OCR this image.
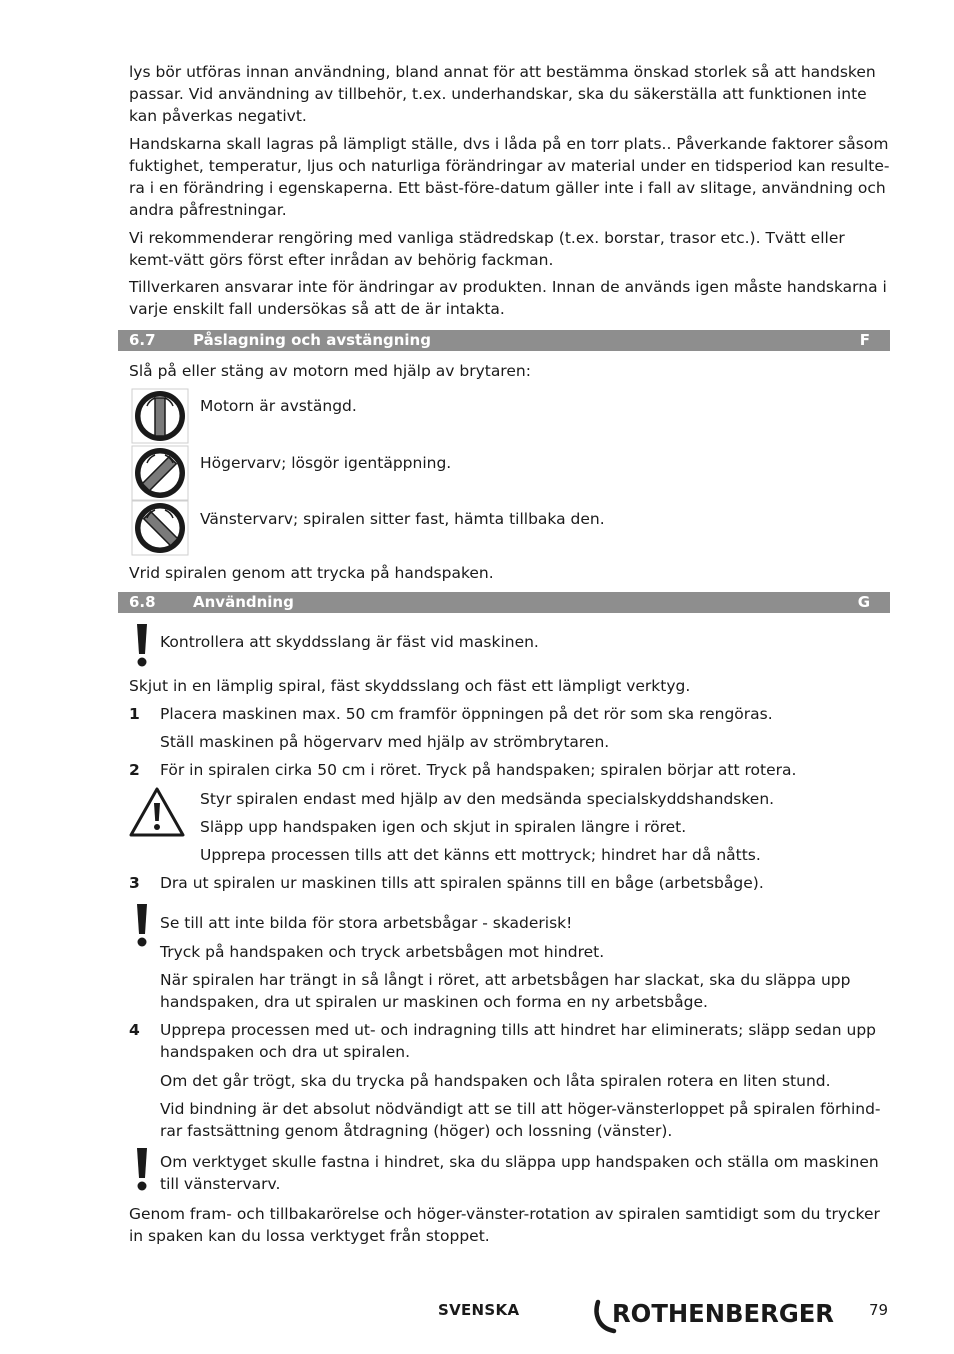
lys bör utföras innan användning, bland annat för att bestämma önskad storlek så att handsken passar. Vid användning av tillbehör, t.ex. underhandskar, ska du säkerställa att funktionen inte kan påverkas negativt.

Handskarna skall lagras på lämpligt ställe, dvs i låda på en torr plats.. Påverkande faktorer såsom fuktighet, temperatur, ljus och naturliga förändringar av material under en tidsperiod kan resulte-ra i en förändring i egenskaperna. Ett bäst-före-datum gäller inte i fall av slitage, användning och andra påfrestningar.

Vi rekommenderar rengöring med vanliga städredskap (t.ex. borstar, trasor etc.). Tvätt eller kemt-vätt görs först efter inrådan av behörig fackman.

Tillverkaren ansvarar inte för ändringar av produkten. Innan de används igen måste handskarna i varje enskilt fall undersökas så att de är intakta.

6.7 Påslagning och avstängning	F

Slå på eller stäng av motorn med hjälp av brytaren:

Motorn är avstängd.

Högervarv; lösgör igentäppning.

Vänstervarv; spiralen sitter fast, hämta tillbaka den.

Vrid spiralen genom att trycka på handspaken.

6.8 Användning	G

Kontrollera att skyddsslang är fäst vid maskinen.

Skjut in en lämplig spiral, fäst skyddsslang och fäst ett lämpligt verktyg.

1 Placera maskinen max. 50 cm framför öppningen på det rör som ska rengöras.

Ställ maskinen på högervarv med hjälp av strömbrytaren.

2 För in spiralen cirka 50 cm i röret. Tryck på handspaken; spiralen börjar att rotera.

Styr spiralen endast med hjälp av den medsända specialskyddshandsken.

Släpp upp handspaken igen och skjut in spiralen längre i röret.

Upprepa processen tills att det känns ett mottryck; hindret har då nåtts.

3 Dra ut spiralen ur maskinen tills att spiralen spänns till en båge (arbetsbåge).

Se till att inte bilda för stora arbetsbågar - skaderisk!

Tryck på handspaken och tryck arbetsbågen mot hindret.

När spiralen har trängt in så långt i röret, att arbetsbågen har slackat, ska du släppa upp handspaken, dra ut spiralen ur maskinen och forma en ny arbetsbåge.

4 Upprepa processen med ut- och indragning tills att hindret har eliminerats; släpp sedan upp handspaken och dra ut spiralen.

Om det går trögt, ska du trycka på handspaken och låta spiralen rotera en liten stund.

Vid bindning är det absolut nödvändigt att se till att höger-vänsterloppet på spiralen förhind-rar fastsättning genom åtdragning (höger) och lossning (vänster).

Om verktyget skulle fastna i hindret, ska du släppa upp handspaken och ställa om maskinen till vänstervarv.

Genom fram- och tillbakarörelse och höger-vänster-rotation av spiralen samtidigt som du trycker in spaken kan du lossa verktyget från stoppet.

SVENSKA	ROTHENBERGER 79
